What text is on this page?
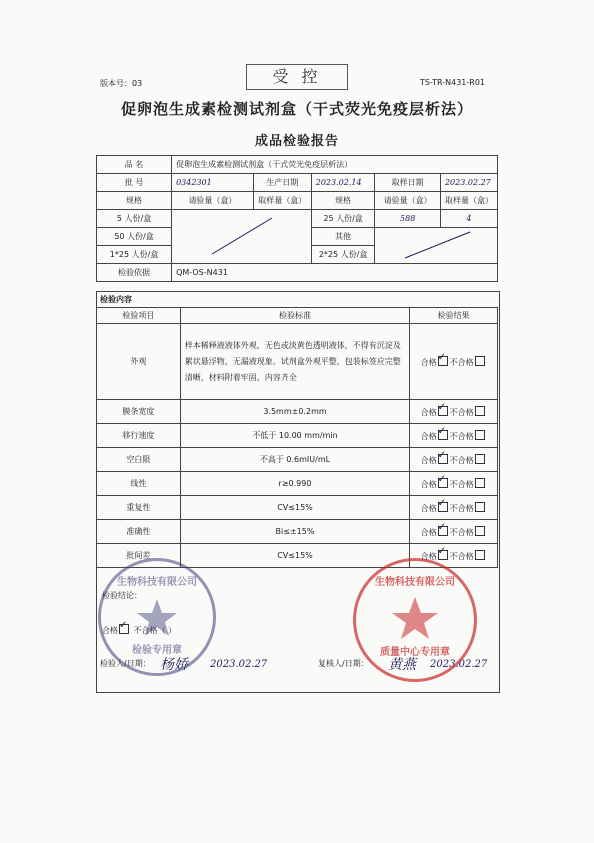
版本号：03	受 控	TS-TR-N431-R01
促卵泡生成素检测试剂盒（干式荧光免疫层析法）
成品检验报告
品 名	促卵泡生成素检测试剂盒（干式荧光免疫层析法）				
批 号	0342301	生产日期	2023.02.14	取样日期	2023.02.27
规格	请验量（盒）	取样量（盒）	规格	请验量（盒）	取样量（盒）
5 人份/盒			25 人份/盒	588	4
50 人份/盒			其他	

1*25 人份/盒			2*25 人份/盒		
检验依据	QM-OS-N431				
检验内容
检验项目	检验标准	检验结果
外观	样本稀释液液体外观，无色或淡黄色透明液体，不得有沉淀及絮状悬浮物，无漏液现象。试剂盒外观平整，包装标签应完整清晰，材料附着牢固，内容齐全	合格 ✓ 不合格
膜条宽度	3.5mm±0.2mm	合格 ✓ 不合格
移行速度	不低于 10.00 mm/min	合格 ✓ 不合格
空白限	不高于 0.6mIU/mL	合格 ✓ 不合格
线性	r≥0.990	合格 ✓ 不合格
重复性	CV≤15%	合格 ✓ 不合格
准确性	Bi≤±15%	合格 ✓ 不合格
批间差	CV≤15%	合格 ✓ 不合格
检验结论：
合格 ✓ 不合格（ ）
检验人/日期： 杨娇 2023.02.27	复核人/日期： 黄燕 2023.02.27
生物科技有限公司
检验专用章
生物科技有限公司
质量中心专用章
